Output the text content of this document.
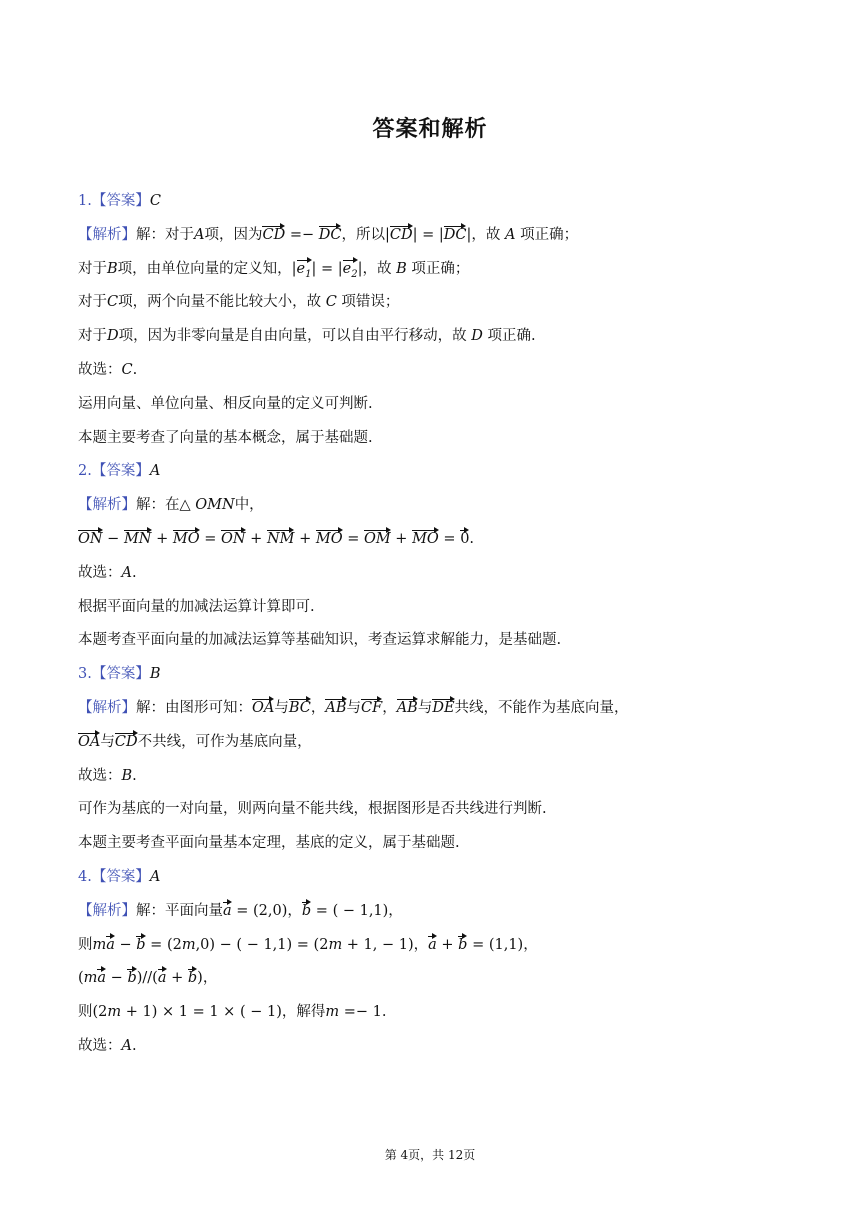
答案和解析
1.【答案】C
【解析】解：对于A项，因为CD =− DC，所以|CD| = |DC|，故 A 项正确；
对于B项，由单位向量的定义知，$|e_1| = |e_2|$，故 B 项正确；
对于C项，两个向量不能比较大小，故 C 项错误；
对于D项，因为非零向量是自由向量，可以自由平行移动，故 D 项正确.
故选：C.
运用向量、单位向量、相反向量的定义可判断.
本题主要考查了向量的基本概念，属于基础题.
2.【答案】A
【解析】解：在△ OMN中，
ON − MN + MO = ON + NM + MO = OM + MO = 0.
故选：A.
根据平面向量的加减法运算计算即可.
本题考查平面向量的加减法运算等基础知识，考查运算求解能力，是基础题.
3.【答案】B
【解析】解：由图形可知：OA与BC，AB与CF，AB与DE共线，不能作为基底向量，
OA与CD不共线，可作为基底向量，
故选：B.
可作为基底的一对向量，则两向量不能共线，根据图形是否共线进行判断.
本题主要考查平面向量基本定理，基底的定义，属于基础题.
4.【答案】A
【解析】解：平面向量a = (2,0)，b = ( − 1,1)，
则ma − b = (2m,0) − ( − 1,1) = (2m + 1, − 1)，a + b = (1,1)，
(ma − b)//(a + b)，
则(2m + 1) × 1 = 1 × ( − 1)，解得m =− 1.
故选：A.
第 4页，共 12页
